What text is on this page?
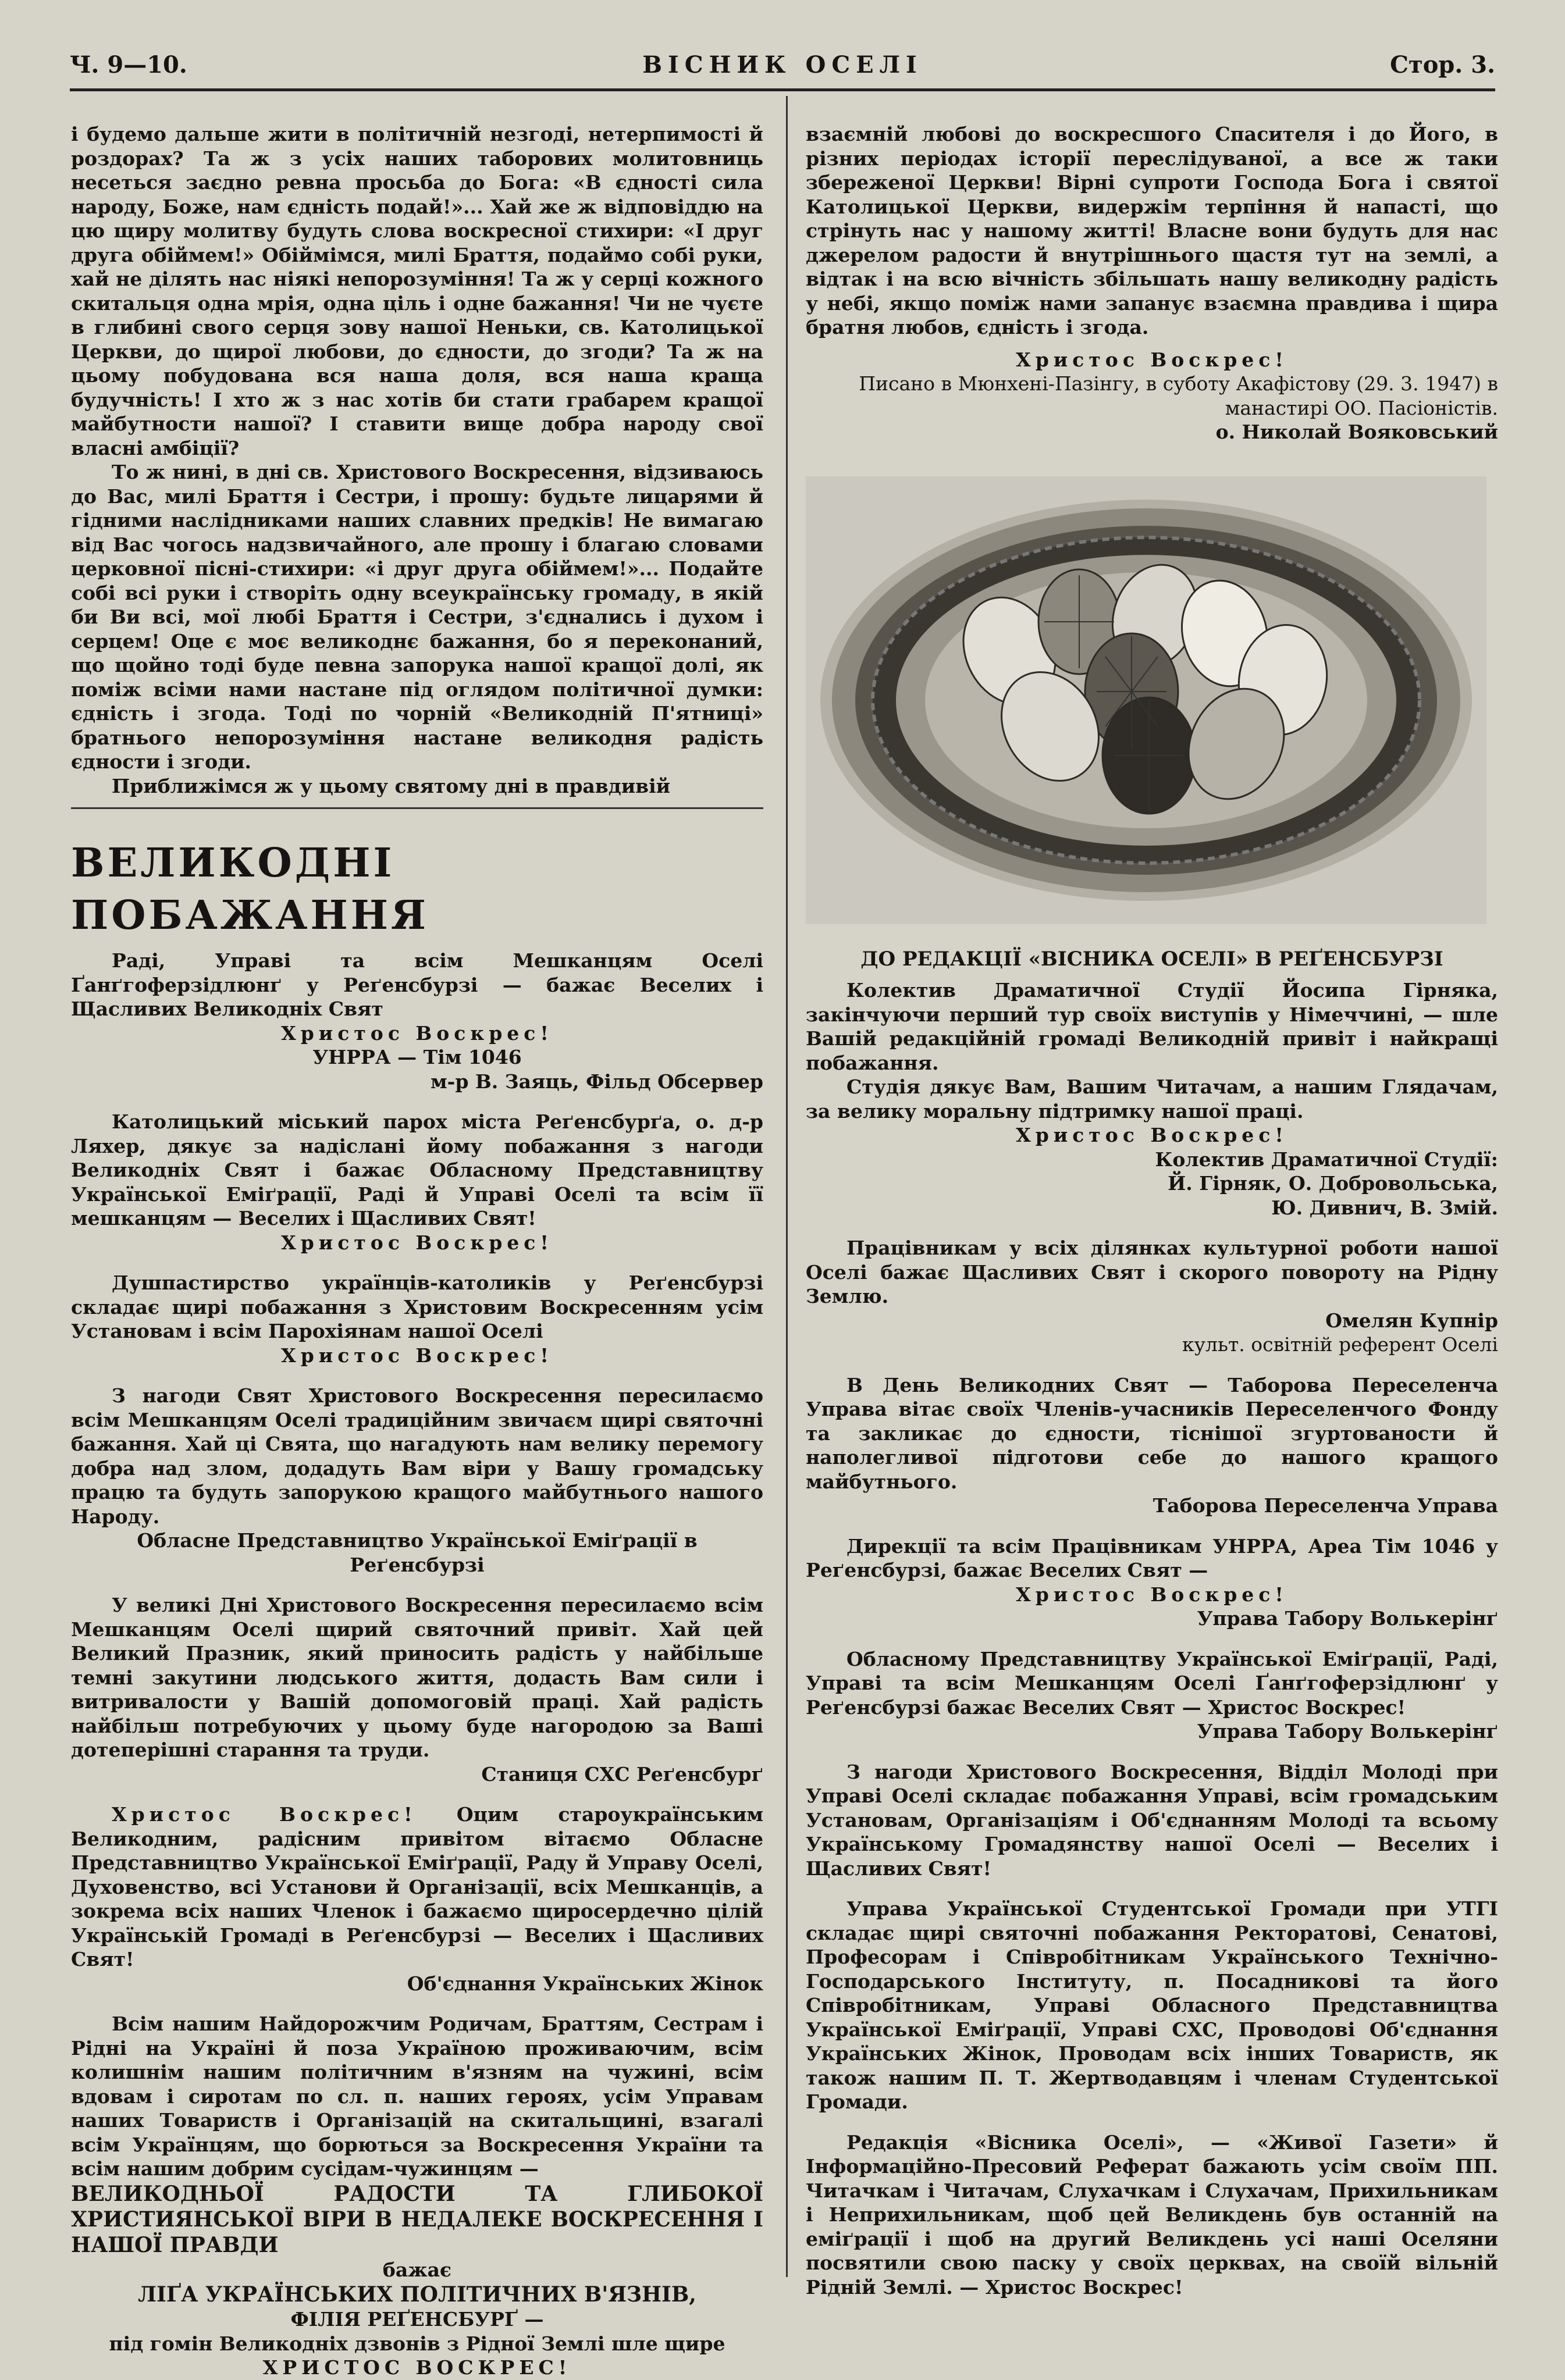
Ч. 9—10.	ВІСНИК ОСЕЛІ	Стор. 3.

і будемо дальше жити в політичній незгоді, нетерпимості й роздорах? Та ж з усіх наших таборових молитовниць несеться заєдно ревна просьба до Бога: «В єдності сила народу, Боже, нам єдність подай!»... Хай же ж відповіддю на цю щиру молитву будуть слова воскресної стихири: «І друг друга обіймем!» Обіймімся, милі Браття, подаймо собі руки, хай не ділять нас ніякі непорозуміння! Та ж у серці кожного скитальця одна мрія, одна ціль і одне бажання! Чи не чуєте в глибині свого серця зову нашої Неньки, св. Католицької Церкви, до щирої любови, до єдности, до згоди? Та ж на цьому побудована вся наша доля, вся наша краща будучність! І хто ж з нас хотів би стати грабарем кращої майбутности нашої? І ставити вище добра народу свої власні амбіції?

То ж нині, в дні св. Христового Воскресення, відзиваюсь до Вас, милі Браття і Сестри, і прошу: будьте лицарями й гідними наслідниками наших славних предків! Не вимагаю від Вас чогось надзвичайного, але прошу і благаю словами церковної пісні-стихири: «і друг друга обіймем!»... Подайте собі всі руки і створіть одну всеукраїнську громаду, в якій би Ви всі, мої любі Браття і Сестри, з'єднались і духом і серцем! Оце є моє великоднє бажання, бо я переконаний, що щойно тоді буде певна запорука нашої кращої долі, як поміж всіми нами настане під оглядом політичної думки: єдність і згода. Тоді по чорній «Великодній П'ятниці» братнього непорозуміння настане великодня радість єдности і згоди.

Приближімся ж у цьому святому дні в правдивій

ВЕЛИКОДНІ ПОБАЖАННЯ

Раді, Управі та всім Мешканцям Оселі Ґанґгоферзідлюнґ у Реґенсбурзі — бажає Веселих і Щасливих Великодніх Свят

Христос Воскрес!
УНРРА — Тім 1046
м-р В. Заяць, Фільд Обсервер

Католицький міський парох міста Реґенсбурґа, о. д-р Ляхер, дякує за надіслані йому побажання з нагоди Великодніх Свят і бажає Обласному Представництву Української Еміґрації, Раді й Управі Оселі та всім її мешканцям — Веселих і Щасливих Свят!

Христос Воскрес!

Душпастирство українців-католиків у Реґенсбурзі складає щирі побажання з Христовим Воскресенням усім Установам і всім Парохіянам нашої Оселі

Христос Воскрес!

З нагоди Свят Христового Воскресення пересилаємо всім Мешканцям Оселі традиційним звичаєм щирі святочні бажання. Хай ці Свята, що нагадують нам велику перемогу добра над злом, додадуть Вам віри у Вашу громадську працю та будуть запорукою кращого майбутнього нашого Народу.

Обласне Представництво Української Еміґрації в Реґенсбурзі

У великі Дні Христового Воскресення пересилаємо всім Мешканцям Оселі щирий святочний привіт. Хай цей Великий Празник, який приносить радість у найбільше темні закутини людського життя, додасть Вам сили і витривалости у Вашій допомоговій праці. Хай радість найбільш потребуючих у цьому буде нагородою за Ваші дотеперішні старання та труди.

Станиця СХС Реґенсбурґ

Христос Воскрес! Оцим староукраїнським Великодним, радісним привітом вітаємо Обласне Представництво Української Еміґрації, Раду й Управу Оселі, Духовенство, всі Установи й Організації, всіх Мешканців, а зокрема всіх наших Членок і бажаємо щиросердечно цілій Українській Громаді в Реґенсбурзі — Веселих і Щасливих Свят!

Об'єднання Українських Жінок

Всім нашим Найдорожчим Родичам, Браттям, Сестрам і Рідні на Україні й поза Україною проживаючим, всім колишнім нашим політичним в'язням на чужині, всім вдовам і сиротам по сл. п. наших героях, усім Управам наших Товариств і Організацій на скитальщині, взагалі всім Українцям, що борються за Воскресення України та всім нашим добрим сусідам-чужинцям —

ВЕЛИКОДНЬОЇ РАДОСТИ ТА ГЛИБОКОЇ ХРИСТИЯНСЬКОЇ ВІРИ В НЕДАЛЕКЕ ВОСКРЕСЕННЯ І НАШОЇ ПРАВДИ
бажає
ЛІҐА УКРАЇНСЬКИХ ПОЛІТИЧНИХ В'ЯЗНІВ,
ФІЛІЯ РЕҐЕНСБУРҐ —
під гомін Великодніх дзвонів з Рідної Землі шле щире
ХРИСТОС ВОСКРЕС!

взаємній любові до воскресшого Спасителя і до Його, в різних періодах історії переслідуваної, а все ж таки збереженої Церкви! Вірні супроти Господа Бога і святої Католицької Церкви, видержім терпіння й напасті, що стрінуть нас у нашому житті! Власне вони будуть для нас джерелом радости й внутрішнього щастя тут на землі, а відтак і на всю вічність збільшать нашу великодну радість у небі, якщо поміж нами запанує взаємна правдива і щира братня любов, єдність і згода.

Христос Воскрес!
Писано в Мюнхені-Пазінгу, в суботу Акафістову (29. 3. 1947) в манастирі ОО. Пасіоністів.
о. Николай Вояковський
ДО РЕДАКЦІЇ «ВІСНИКА ОСЕЛІ» В РЕҐЕНСБУРЗІ

Колектив Драматичної Студії Йосипа Гірняка, закінчуючи перший тур своїх виступів у Німеччині, — шле Вашій редакційній громаді Великодній привіт і найкращі побажання.

Студія дякує Вам, Вашим Читачам, а нашим Глядачам, за велику моральну підтримку нашої праці.

Христос Воскрес!
Колектив Драматичної Студії:
Й. Гірняк, О. Добровольська,
Ю. Дивнич, В. Змій.

Працівникам у всіх ділянках культурної роботи нашої Оселі бажає Щасливих Свят і скорого повороту на Рідну Землю.

Омелян Купнір
культ. освітній референт Оселі

В День Великодних Свят — Таборова Переселенча Управа вітає своїх Членів-учасників Переселенчого Фонду та закликає до єдности, тіснішої згуртованости й наполегливої підготови себе до нашого кращого майбутнього.

Таборова Переселенча Управа

Дирекції та всім Працівникам УНРРА, Ареа Тім 1046 у Реґенсбурзі, бажає Веселих Свят —

Христос Воскрес!
Управа Табору Волькерінґ

Обласному Представництву Української Еміґрації, Раді, Управі та всім Мешканцям Оселі Ґанґгоферзідлюнґ у Реґенсбурзі бажає Веселих Свят — Христос Воскрес!

Управа Табору Волькерінґ

З нагоди Христового Воскресення, Відділ Молоді при Управі Оселі складає побажання Управі, всім громадським Установам, Організаціям і Об'єднанням Молоді та всьому Українському Громадянству нашої Оселі — Веселих і Щасливих Свят!

Управа Української Студентської Громади при УТГІ складає щирі святочні побажання Ректоратові, Сенатові, Професорам і Співробітникам Українського Технічно-Господарського Інституту, п. Посадникові та його Співробітникам, Управі Обласного Представництва Української Еміґрації, Управі СХС, Проводові Об'єднання Українських Жінок, Проводам всіх інших Товариств, як також нашим П. Т. Жертводавцям і членам Студентської Громади.

Редакція «Вісника Оселі», — «Живої Газети» й Інформаційно-Пресовий Реферат бажають усім своїм ПП. Читачкам і Читачам, Слухачкам і Слухачам, Прихильникам і Неприхильникам, щоб цей Великдень був останній на еміґрації і щоб на другий Великдень усі наші Оселяни посвятили свою паску у своїх церквах, на своїй вільній Рідній Землі. — Христос Воскрес!
